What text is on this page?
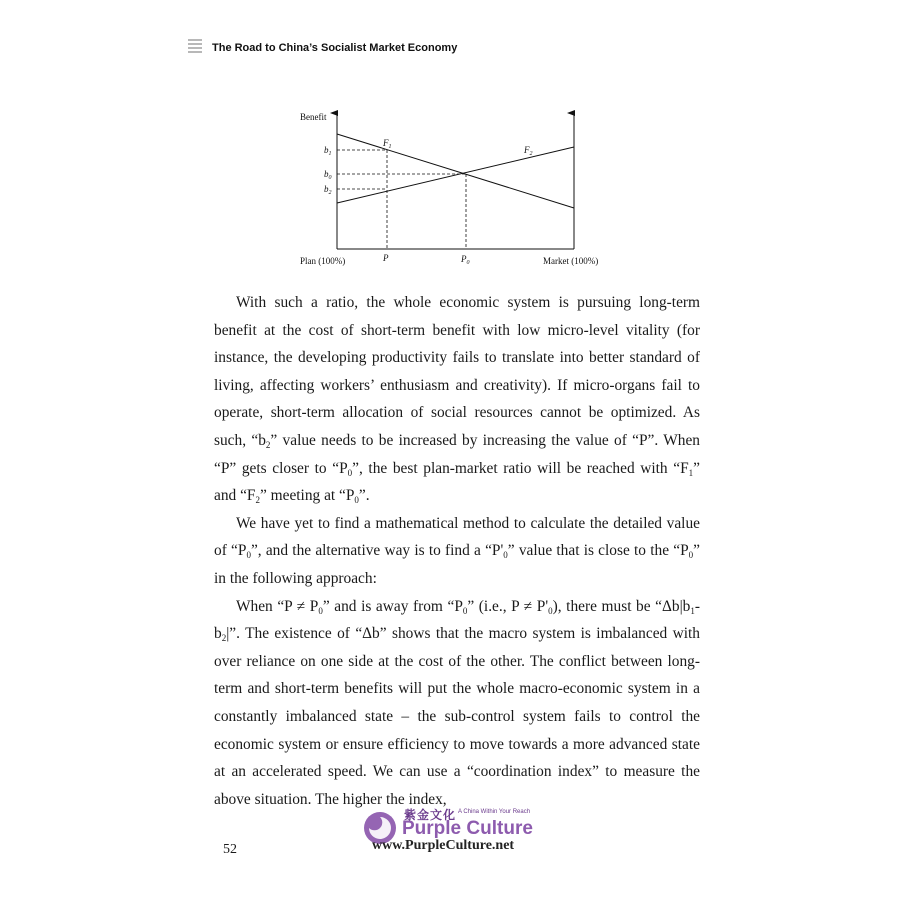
The Road to China’s Socialist Market Economy
Benefit
$b_1$
$b_0$
$b_2$
$F_1$	$F_2$
Plan (100%)	P	$P_0$	Market (100%)

With such a ratio, the whole economic system is pursuing long-term benefit at the cost of short-term benefit with low micro-level vitality (for instance, the developing productivity fails to translate into better standard of living, affecting workers’ enthusiasm and creativity). If micro-organs fail to operate, short-term allocation of social resources cannot be optimized. As such, “$b_2$” value needs to be increased by increasing the value of “P”. When “P” gets closer to “$P_0$”, the best plan-market ratio will be reached with “$F_1$” and “$F_2$” meeting at “$P_0$”.

We have yet to find a mathematical method to calculate the detailed value of “$P_0$”, and the alternative way is to find a “$P'_0$” value that is close to the “$P_0$” in the following approach:

When “$P \ne P_0$” and is away from “$P_0$” (i.e., $P \ne P'_0$), there must be “$\Delta b|b_1-b_2|$”. The existence of “Δb” shows that the macro system is imbalanced with over reliance on one side at the cost of the other. The conflict between long-term and short-term benefits will put the whole macro-economic system in a constantly imbalanced state – the sub-control system fails to control the economic system or ensure efficiency to move towards a more advanced state at an accelerated speed. We can use a “coordination index” to measure the above situation. The higher the index,

紫金文化 A China Within Your Reach
Purple Culture
www.PurpleCulture.net
52
